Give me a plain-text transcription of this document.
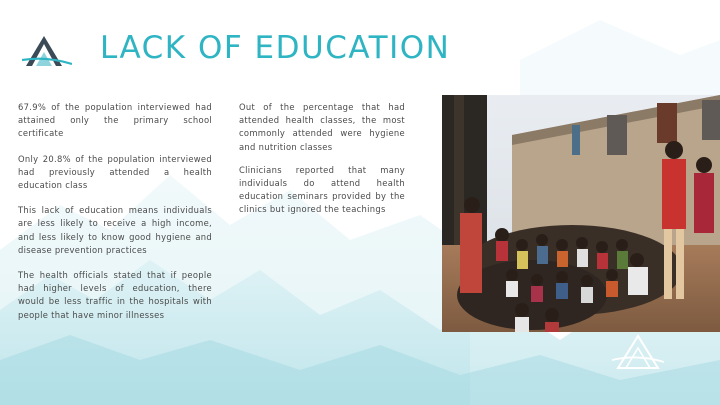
LACK OF EDUCATION

67.9% of the population interviewed had attained only the primary school certificate

Only 20.8% of the population interviewed had previously attended a health education class

This lack of education means individuals are less likely to receive a high income, and less likely to know good hygiene and disease prevention practices

The health officials stated that if people had higher levels of education, there would be less traffic in the hospitals with people that have minor illnesses

Out of the percentage that had attended health classes, the most commonly attended were hygiene and nutrition classes

Clinicians reported that many individuals do attend health education seminars provided by the clinics but ignored the teachings
